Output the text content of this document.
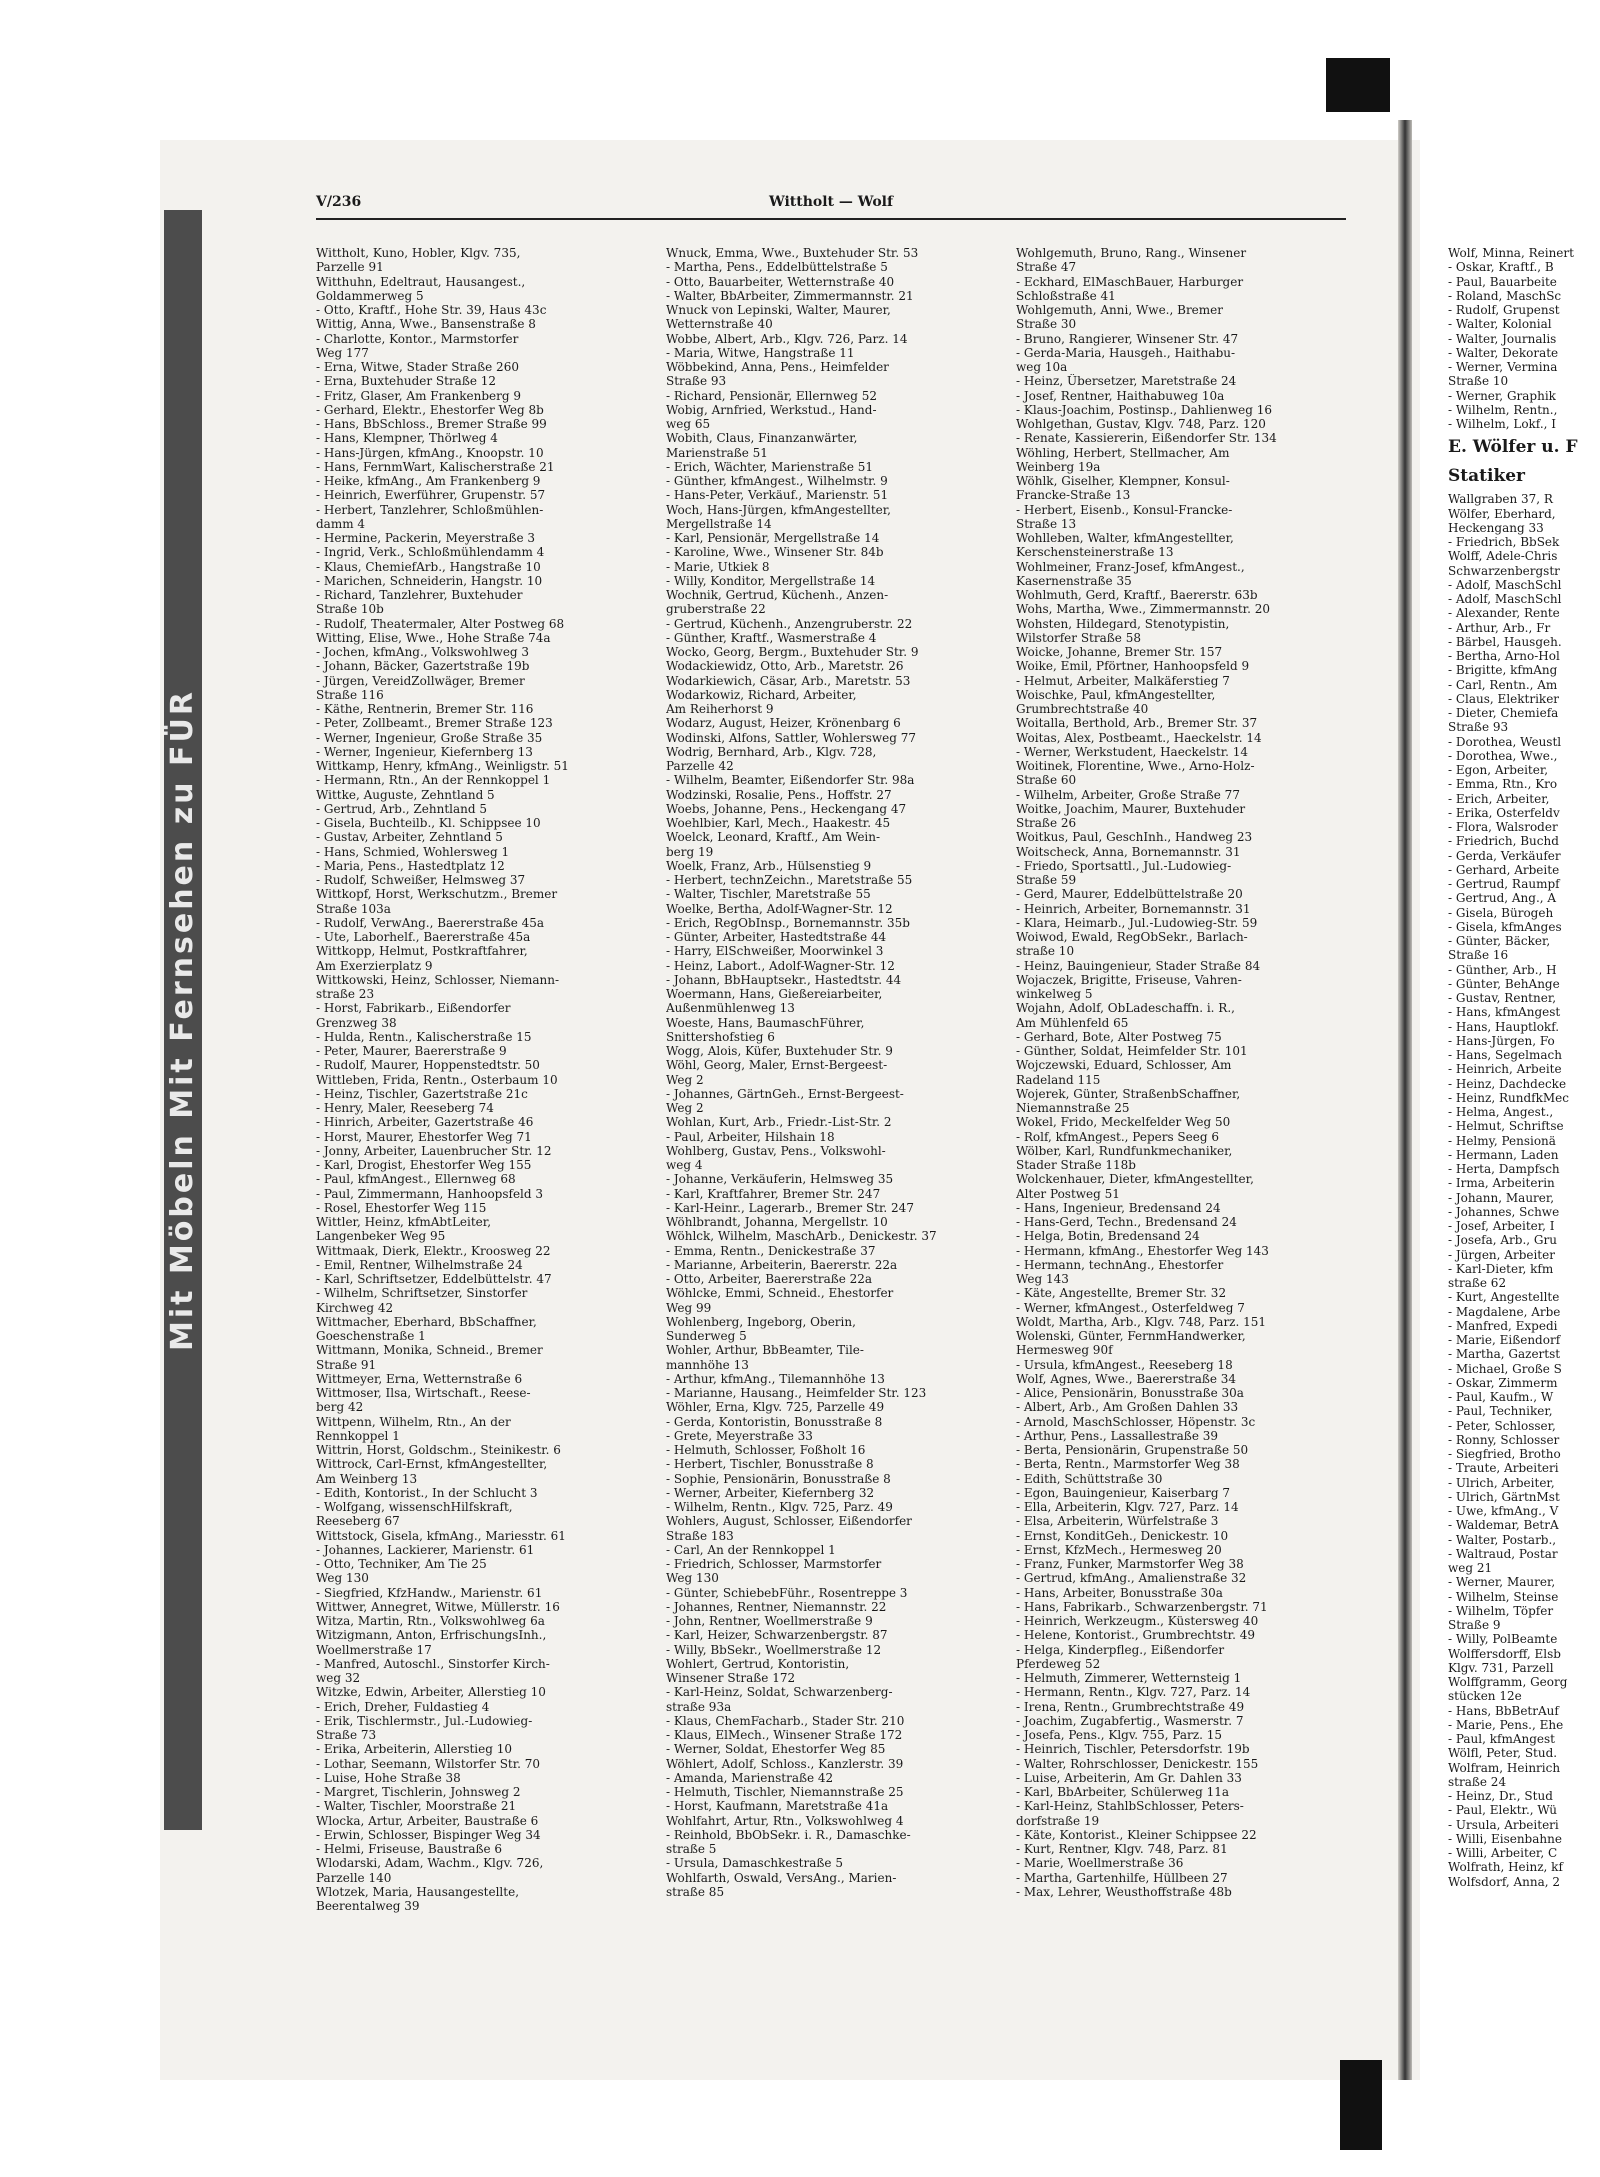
Mit Möbeln Mit Fernsehen zu FÜR
V/236	Wittholt — Wolf
Wittholt, Kuno, Hobler, Klgv. 735,
Parzelle 91
Witthuhn, Edeltraut, Hausangest.,
Goldammerweg 5
- Otto, Kraftf., Hohe Str. 39, Haus 43c
Wittig, Anna, Wwe., Bansenstraße 8
- Charlotte, Kontor., Marmstorfer
Weg 177
- Erna, Witwe, Stader Straße 260
- Erna, Buxtehuder Straße 12
- Fritz, Glaser, Am Frankenberg 9
- Gerhard, Elektr., Ehestorfer Weg 8b
- Hans, BbSchloss., Bremer Straße 99
- Hans, Klempner, Thörlweg 4
- Hans-Jürgen, kfmAng., Knoopstr. 10
- Hans, FernmWart, Kalischerstraße 21
- Heike, kfmAng., Am Frankenberg 9
- Heinrich, Ewerführer, Grupenstr. 57
- Herbert, Tanzlehrer, Schloßmühlen-
damm 4
- Hermine, Packerin, Meyerstraße 3
- Ingrid, Verk., Schloßmühlendamm 4
- Klaus, ChemiefArb., Hangstraße 10
- Marichen, Schneiderin, Hangstr. 10
- Richard, Tanzlehrer, Buxtehuder
Straße 10b
- Rudolf, Theatermaler, Alter Postweg 68
Witting, Elise, Wwe., Hohe Straße 74a
- Jochen, kfmAng., Volkswohlweg 3
- Johann, Bäcker, Gazertstraße 19b
- Jürgen, VereidZollwäger, Bremer
Straße 116
- Käthe, Rentnerin, Bremer Str. 116
- Peter, Zollbeamt., Bremer Straße 123
- Werner, Ingenieur, Große Straße 35
- Werner, Ingenieur, Kiefernberg 13
Wittkamp, Henry, kfmAng., Weinligstr. 51
- Hermann, Rtn., An der Rennkoppel 1
Wittke, Auguste, Zehntland 5
- Gertrud, Arb., Zehntland 5
- Gisela, Buchteilb., Kl. Schippsee 10
- Gustav, Arbeiter, Zehntland 5
- Hans, Schmied, Wohlersweg 1
- Maria, Pens., Hastedtplatz 12
- Rudolf, Schweißer, Helmsweg 37
Wittkopf, Horst, Werkschutzm., Bremer
Straße 103a
- Rudolf, VerwAng., Baererstraße 45a
- Ute, Laborhelf., Baererstraße 45a
Wittkopp, Helmut, Postkraftfahrer,
Am Exerzierplatz 9
Wittkowski, Heinz, Schlosser, Niemann-
straße 23
- Horst, Fabrikarb., Eißendorfer
Grenzweg 38
- Hulda, Rentn., Kalischerstraße 15
- Peter, Maurer, Baererstraße 9
- Rudolf, Maurer, Hoppenstedtstr. 50
Wittleben, Frida, Rentn., Osterbaum 10
- Heinz, Tischler, Gazertstraße 21c
- Henry, Maler, Reeseberg 74
- Hinrich, Arbeiter, Gazertstraße 46
- Horst, Maurer, Ehestorfer Weg 71
- Jonny, Arbeiter, Lauenbrucher Str. 12
- Karl, Drogist, Ehestorfer Weg 155
- Paul, kfmAngest., Ellernweg 68
- Paul, Zimmermann, Hanhoopsfeld 3
- Rosel, Ehestorfer Weg 115
Wittler, Heinz, kfmAbtLeiter,
Langenbeker Weg 95
Wittmaak, Dierk, Elektr., Kroosweg 22
- Emil, Rentner, Wilhelmstraße 24
- Karl, Schriftsetzer, Eddelbüttelstr. 47
- Wilhelm, Schriftsetzer, Sinstorfer
Kirchweg 42
Wittmacher, Eberhard, BbSchaffner,
Goeschenstraße 1
Wittmann, Monika, Schneid., Bremer
Straße 91
Wittmeyer, Erna, Wetternstraße 6
Wittmoser, Ilsa, Wirtschaft., Reese-
berg 42
Wittpenn, Wilhelm, Rtn., An der
Rennkoppel 1
Wittrin, Horst, Goldschm., Steinikestr. 6
Wittrock, Carl-Ernst, kfmAngestellter,
Am Weinberg 13
- Edith, Kontorist., In der Schlucht 3
- Wolfgang, wissenschHilfskraft,
Reeseberg 67
Wittstock, Gisela, kfmAng., Mariesstr. 61
- Johannes, Lackierer, Marienstr. 61
- Otto, Techniker, Am Tie 25
Weg 130
- Siegfried, KfzHandw., Marienstr. 61
Wittwer, Annegret, Witwe, Müllerstr. 16
Witza, Martin, Rtn., Volkswohlweg 6a
Witzigmann, Anton, ErfrischungsInh.,
Woellmerstraße 17
- Manfred, Autoschl., Sinstorfer Kirch-
weg 32
Witzke, Edwin, Arbeiter, Allerstieg 10
- Erich, Dreher, Fuldastieg 4
- Erik, Tischlermstr., Jul.-Ludowieg-
Straße 73
- Erika, Arbeiterin, Allerstieg 10
- Lothar, Seemann, Wilstorfer Str. 70
- Luise, Hohe Straße 38
- Margret, Tischlerin, Johnsweg 2
- Walter, Tischler, Moorstraße 21
Wlocka, Artur, Arbeiter, Baustraße 6
- Erwin, Schlosser, Bispinger Weg 34
- Helmi, Friseuse, Baustraße 6
Wlodarski, Adam, Wachm., Klgv. 726,
Parzelle 140
Wlotzek, Maria, Hausangestellte,
Beerentalweg 39
Wnuck, Emma, Wwe., Buxtehuder Str. 53
- Martha, Pens., Eddelbüttelstraße 5
- Otto, Bauarbeiter, Wetternstraße 40
- Walter, BbArbeiter, Zimmermannstr. 21
Wnuck von Lepinski, Walter, Maurer,
Wetternstraße 40
Wobbe, Albert, Arb., Klgv. 726, Parz. 14
- Maria, Witwe, Hangstraße 11
Wöbbekind, Anna, Pens., Heimfelder
Straße 93
- Richard, Pensionär, Ellernweg 52
Wobig, Arnfried, Werkstud., Hand-
weg 65
Wobith, Claus, Finanzanwärter,
Marienstraße 51
- Erich, Wächter, Marienstraße 51
- Günther, kfmAngest., Wilhelmstr. 9
- Hans-Peter, Verkäuf., Marienstr. 51
Woch, Hans-Jürgen, kfmAngestellter,
Mergellstraße 14
- Karl, Pensionär, Mergellstraße 14
- Karoline, Wwe., Winsener Str. 84b
- Marie, Utkiek 8
- Willy, Konditor, Mergellstraße 14
Wochnik, Gertrud, Küchenh., Anzen-
gruberstraße 22
- Gertrud, Küchenh., Anzengruberstr. 22
- Günther, Kraftf., Wasmerstraße 4
Wocko, Georg, Bergm., Buxtehuder Str. 9
Wodackiewidz, Otto, Arb., Maretstr. 26
Wodarkiewich, Cäsar, Arb., Maretstr. 53
Wodarkowiz, Richard, Arbeiter,
Am Reiherhorst 9
Wodarz, August, Heizer, Krönenbarg 6
Wodinski, Alfons, Sattler, Wohlersweg 77
Wodrig, Bernhard, Arb., Klgv. 728,
Parzelle 42
- Wilhelm, Beamter, Eißendorfer Str. 98a
Wodzinski, Rosalie, Pens., Hoffstr. 27
Woebs, Johanne, Pens., Heckengang 47
Woehlbier, Karl, Mech., Haakestr. 45
Woelck, Leonard, Kraftf., Am Wein-
berg 19
Woelk, Franz, Arb., Hülsenstieg 9
- Herbert, technZeichn., Maretstraße 55
- Walter, Tischler, Maretstraße 55
Woelke, Bertha, Adolf-Wagner-Str. 12
- Erich, RegObInsp., Bornemannstr. 35b
- Günter, Arbeiter, Hastedtstraße 44
- Harry, ElSchweißer, Moorwinkel 3
- Heinz, Labort., Adolf-Wagner-Str. 12
- Johann, BbHauptsekr., Hastedtstr. 44
Woermann, Hans, Gießereiarbeiter,
Außenmühlenweg 13
Woeste, Hans, BaumaschFührer,
Snittershofstieg 6
Wogg, Alois, Küfer, Buxtehuder Str. 9
Wöhl, Georg, Maler, Ernst-Bergeest-
Weg 2
- Johannes, GärtnGeh., Ernst-Bergeest-
Weg 2
Wohlan, Kurt, Arb., Friedr.-List-Str. 2
- Paul, Arbeiter, Hilshain 18
Wohlberg, Gustav, Pens., Volkswohl-
weg 4
- Johanne, Verkäuferin, Helmsweg 35
- Karl, Kraftfahrer, Bremer Str. 247
- Karl-Heinr., Lagerarb., Bremer Str. 247
Wöhlbrandt, Johanna, Mergellstr. 10
Wöhlck, Wilhelm, MaschArb., Denickestr. 37
- Emma, Rentn., Denickestraße 37
- Marianne, Arbeiterin, Baererstr. 22a
- Otto, Arbeiter, Baererstraße 22a
Wöhlcke, Emmi, Schneid., Ehestorfer
Weg 99
Wohlenberg, Ingeborg, Oberin,
Sunderweg 5
Wohler, Arthur, BbBeamter, Tile-
mannhöhe 13
- Arthur, kfmAng., Tilemannhöhe 13
- Marianne, Hausang., Heimfelder Str. 123
Wöhler, Erna, Klgv. 725, Parzelle 49
- Gerda, Kontoristin, Bonusstraße 8
- Grete, Meyerstraße 33
- Helmuth, Schlosser, Foßholt 16
- Herbert, Tischler, Bonusstraße 8
- Sophie, Pensionärin, Bonusstraße 8
- Werner, Arbeiter, Kiefernberg 32
- Wilhelm, Rentn., Klgv. 725, Parz. 49
Wohlers, August, Schlosser, Eißendorfer
Straße 183
- Carl, An der Rennkoppel 1
- Friedrich, Schlosser, Marmstorfer
Weg 130
- Günter, SchiebebFühr., Rosentreppe 3
- Johannes, Rentner, Niemannstr. 22
- John, Rentner, Woellmerstraße 9
- Karl, Heizer, Schwarzenbergstr. 87
- Willy, BbSekr., Woellmerstraße 12
Wohlert, Gertrud, Kontoristin,
Winsener Straße 172
- Karl-Heinz, Soldat, Schwarzenberg-
straße 93a
- Klaus, ChemFacharb., Stader Str. 210
- Klaus, ElMech., Winsener Straße 172
- Werner, Soldat, Ehestorfer Weg 85
Wöhlert, Adolf, Schloss., Kanzlerstr. 39
- Amanda, Marienstraße 42
- Helmuth, Tischler, Niemannstraße 25
- Horst, Kaufmann, Maretstraße 41a
Wohlfahrt, Artur, Rtn., Volkswohlweg 4
- Reinhold, BbObSekr. i. R., Damaschke-
straße 5
- Ursula, Damaschkestraße 5
Wohlfarth, Oswald, VersAng., Marien-
straße 85
Wohlgemuth, Bruno, Rang., Winsener
Straße 47
- Eckhard, ElMaschBauer, Harburger
Schloßstraße 41
Wohlgemuth, Anni, Wwe., Bremer
Straße 30
- Bruno, Rangierer, Winsener Str. 47
- Gerda-Maria, Hausgeh., Haithabu-
weg 10a
- Heinz, Übersetzer, Maretstraße 24
- Josef, Rentner, Haithabuweg 10a
- Klaus-Joachim, Postinsp., Dahlienweg 16
Wohlgethan, Gustav, Klgv. 748, Parz. 120
- Renate, Kassiererin, Eißendorfer Str. 134
Wöhling, Herbert, Stellmacher, Am
Weinberg 19a
Wöhlk, Giselher, Klempner, Konsul-
Francke-Straße 13
- Herbert, Eisenb., Konsul-Francke-
Straße 13
Wohlleben, Walter, kfmAngestellter,
Kerschensteinerstraße 13
Wohlmeiner, Franz-Josef, kfmAngest.,
Kasernenstraße 35
Wohlmuth, Gerd, Kraftf., Baererstr. 63b
Wohs, Martha, Wwe., Zimmermannstr. 20
Wohsten, Hildegard, Stenotypistin,
Wilstorfer Straße 58
Woicke, Johanne, Bremer Str. 157
Woike, Emil, Pförtner, Hanhoopsfeld 9
- Helmut, Arbeiter, Malkäferstieg 7
Woischke, Paul, kfmAngestellter,
Grumbrechtstraße 40
Woitalla, Berthold, Arb., Bremer Str. 37
Woitas, Alex, Postbeamt., Haeckelstr. 14
- Werner, Werkstudent, Haeckelstr. 14
Woitinek, Florentine, Wwe., Arno-Holz-
Straße 60
- Wilhelm, Arbeiter, Große Straße 77
Woitke, Joachim, Maurer, Buxtehuder
Straße 26
Woitkus, Paul, GeschInh., Handweg 23
Woitscheck, Anna, Bornemannstr. 31
- Friedo, Sportsattl., Jul.-Ludowieg-
Straße 59
- Gerd, Maurer, Eddelbüttelstraße 20
- Heinrich, Arbeiter, Bornemannstr. 31
- Klara, Heimarb., Jul.-Ludowieg-Str. 59
Woiwod, Ewald, RegObSekr., Barlach-
straße 10
- Heinz, Bauingenieur, Stader Straße 84
Wojaczek, Brigitte, Friseuse, Vahren-
winkelweg 5
Wojahn, Adolf, ObLadeschaffn. i. R.,
Am Mühlenfeld 65
- Gerhard, Bote, Alter Postweg 75
- Günther, Soldat, Heimfelder Str. 101
Wojczewski, Eduard, Schlosser, Am
Radeland 115
Wojerek, Günter, StraßenbSchaffner,
Niemannstraße 25
Wokel, Frido, Meckelfelder Weg 50
- Rolf, kfmAngest., Pepers Seeg 6
Wölber, Karl, Rundfunkmechaniker,
Stader Straße 118b
Wolckenhauer, Dieter, kfmAngestellter,
Alter Postweg 51
- Hans, Ingenieur, Bredensand 24
- Hans-Gerd, Techn., Bredensand 24
- Helga, Botin, Bredensand 24
- Hermann, kfmAng., Ehestorfer Weg 143
- Hermann, technAng., Ehestorfer
Weg 143
- Käte, Angestellte, Bremer Str. 32
- Werner, kfmAngest., Osterfeldweg 7
Woldt, Martha, Arb., Klgv. 748, Parz. 151
Wolenski, Günter, FernmHandwerker,
Hermesweg 90f
- Ursula, kfmAngest., Reeseberg 18
Wolf, Agnes, Wwe., Baererstraße 34
- Alice, Pensionärin, Bonusstraße 30a
- Albert, Arb., Am Großen Dahlen 33
- Arnold, MaschSchlosser, Höpenstr. 3c
- Arthur, Pens., Lassallestraße 39
- Berta, Pensionärin, Grupenstraße 50
- Berta, Rentn., Marmstorfer Weg 38
- Edith, Schüttstraße 30
- Egon, Bauingenieur, Kaiserbarg 7
- Ella, Arbeiterin, Klgv. 727, Parz. 14
- Elsa, Arbeiterin, Würfelstraße 3
- Ernst, KonditGeh., Denickestr. 10
- Ernst, KfzMech., Hermesweg 20
- Franz, Funker, Marmstorfer Weg 38
- Gertrud, kfmAng., Amalienstraße 32
- Hans, Arbeiter, Bonusstraße 30a
- Hans, Fabrikarb., Schwarzenbergstr. 71
- Heinrich, Werkzeugm., Küstersweg 40
- Helene, Kontorist., Grumbrechtstr. 49
- Helga, Kinderpfleg., Eißendorfer
Pferdeweg 52
- Helmuth, Zimmerer, Wetternsteig 1
- Hermann, Rentn., Klgv. 727, Parz. 14
- Irena, Rentn., Grumbrechtstraße 49
- Joachim, Zugabfertig., Wasmerstr. 7
- Josefa, Pens., Klgv. 755, Parz. 15
- Heinrich, Tischler, Petersdorfstr. 19b
- Walter, Rohrschlosser, Denickestr. 155
- Luise, Arbeiterin, Am Gr. Dahlen 33
- Karl, BbArbeiter, Schülerweg 11a
- Karl-Heinz, StahlbSchlosser, Peters-
dorfstraße 19
- Käte, Kontorist., Kleiner Schippsee 22
- Kurt, Rentner, Klgv. 748, Parz. 81
- Marie, Woellmerstraße 36
- Martha, Gartenhilfe, Hüllbeen 27
- Max, Lehrer, Weusthoffstraße 48b
Wolf, Minna, Reinert
- Oskar, Kraftf., B
- Paul, Bauarbeite
- Roland, MaschSc
- Rudolf, Grupenst
- Walter, Kolonial
- Walter, Journalis
- Walter, Dekorate
- Werner, Vermina
Straße 10
- Werner, Graphik
- Wilhelm, Rentn.,
- Wilhelm, Lokf., I
E. Wölfer u. F
Statiker
Wallgraben 37, R
Wölfer, Eberhard,
Heckengang 33
- Friedrich, BbSek
Wolff, Adele-Chris
Schwarzenbergstr
- Adolf, MaschSchl
- Adolf, MaschSchl
- Alexander, Rente
- Arthur, Arb., Fr
- Bärbel, Hausgeh.
- Bertha, Arno-Hol
- Brigitte, kfmAng
- Carl, Rentn., Am
- Claus, Elektriker
- Dieter, Chemiefa
Straße 93
- Dorothea, Weustl
- Dorothea, Wwe.,
- Egon, Arbeiter,
- Emma, Rtn., Kro
- Erich, Arbeiter,
- Erika, Osterfeldv
- Flora, Walsroder
- Friedrich, Buchd
- Gerda, Verkäufer
- Gerhard, Arbeite
- Gertrud, Raumpf
- Gertrud, Ang., A
- Gisela, Bürogeh
- Gisela, kfmAnges
- Günter, Bäcker,
Straße 16
- Günther, Arb., H
- Günter, BehAnge
- Gustav, Rentner,
- Hans, kfmAngest
- Hans, Hauptlokf.
- Hans-Jürgen, Fo
- Hans, Segelmach
- Heinrich, Arbeite
- Heinz, Dachdecke
- Heinz, RundfkMec
- Helma, Angest.,
- Helmut, Schriftse
- Helmy, Pensionä
- Hermann, Laden
- Herta, Dampfsch
- Irma, Arbeiterin
- Johann, Maurer,
- Johannes, Schwe
- Josef, Arbeiter, I
- Josefa, Arb., Gru
- Jürgen, Arbeiter
- Karl-Dieter, kfm
straße 62
- Kurt, Angestellte
- Magdalene, Arbe
- Manfred, Expedi
- Marie, Eißendorf
- Martha, Gazertst
- Michael, Große S
- Oskar, Zimmerm
- Paul, Kaufm., W
- Paul, Techniker,
- Peter, Schlosser,
- Ronny, Schlosser
- Siegfried, Brotho
- Traute, Arbeiteri
- Ulrich, Arbeiter,
- Ulrich, GärtnMst
- Uwe, kfmAng., V
- Waldemar, BetrA
- Walter, Postarb.,
- Waltraud, Postar
weg 21
- Werner, Maurer,
- Wilhelm, Steinse
- Wilhelm, Töpfer
Straße 9
- Willy, PolBeamte
Wolffersdorff, Elsb
Klgv. 731, Parzell
Wolffgramm, Georg
stücken 12e
- Hans, BbBetrAuf
- Marie, Pens., Ehe
- Paul, kfmAngest
Wölfl, Peter, Stud.
Wolfram, Heinrich
straße 24
- Heinz, Dr., Stud
- Paul, Elektr., Wü
- Ursula, Arbeiteri
- Willi, Eisenbahne
- Willi, Arbeiter, C
Wolfrath, Heinz, kf
Wolfsdorf, Anna, 2
